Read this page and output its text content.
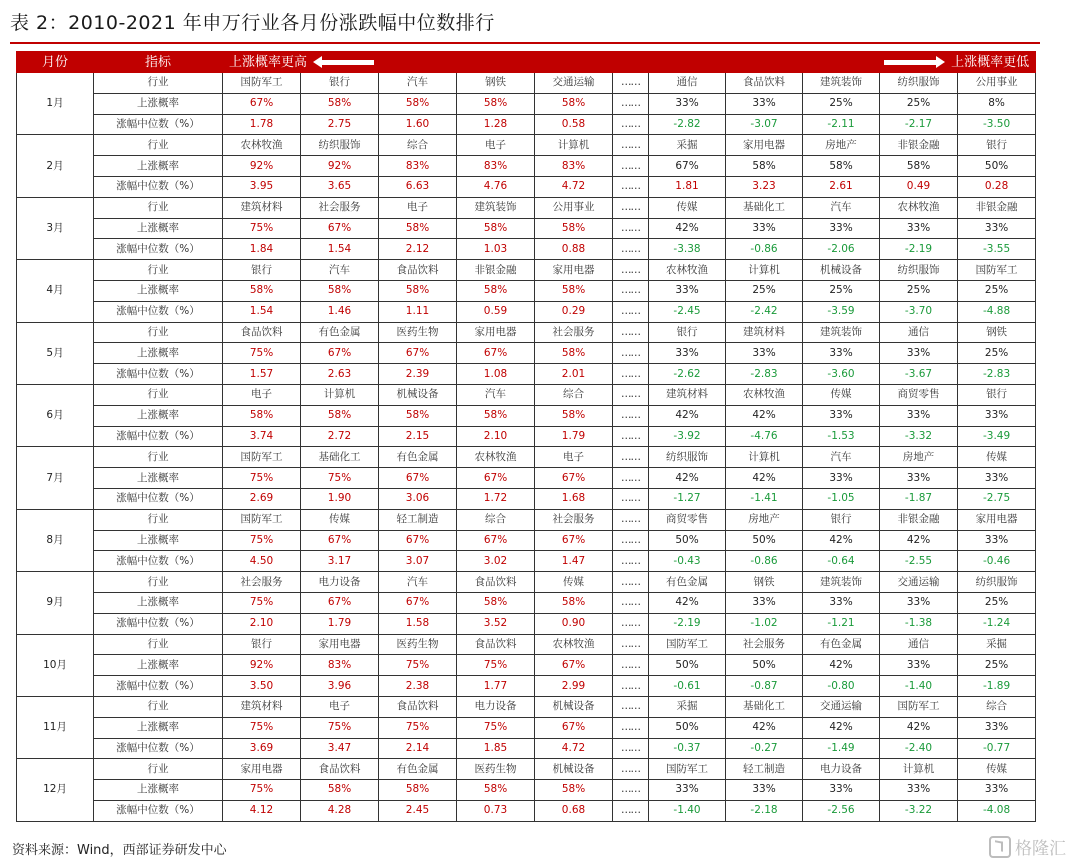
表 2：2010-2021 年申万行业各月份涨跌幅中位数排行
月份	指标	上涨概率更高 上涨概率更低										

1月	行业	国防军工	银行	汽车	钢铁	交通运输	……	通信	食品饮料	建筑装饰	纺织服饰	公用事业
	上涨概率	67%	58%	58%	58%	58%	……	33%	33%	25%	25%	8%
	涨幅中位数（%）	1.78	2.75	1.60	1.28	0.58	……	-2.82	-3.07	-2.11	-2.17	-3.50
2月	行业	农林牧渔	纺织服饰	综合	电子	计算机	……	采掘	家用电器	房地产	非银金融	银行
	上涨概率	92%	92%	83%	83%	83%	……	67%	58%	58%	58%	50%
	涨幅中位数（%）	3.95	3.65	6.63	4.76	4.72	……	1.81	3.23	2.61	0.49	0.28
3月	行业	建筑材料	社会服务	电子	建筑装饰	公用事业	……	传媒	基础化工	汽车	农林牧渔	非银金融
	上涨概率	75%	67%	58%	58%	58%	……	42%	33%	33%	33%	33%
	涨幅中位数（%）	1.84	1.54	2.12	1.03	0.88	……	-3.38	-0.86	-2.06	-2.19	-3.55
4月	行业	银行	汽车	食品饮料	非银金融	家用电器	……	农林牧渔	计算机	机械设备	纺织服饰	国防军工
	上涨概率	58%	58%	58%	58%	58%	……	33%	25%	25%	25%	25%
	涨幅中位数（%）	1.54	1.46	1.11	0.59	0.29	……	-2.45	-2.42	-3.59	-3.70	-4.88
5月	行业	食品饮料	有色金属	医药生物	家用电器	社会服务	……	银行	建筑材料	建筑装饰	通信	钢铁
	上涨概率	75%	67%	67%	67%	58%	……	33%	33%	33%	33%	25%
	涨幅中位数（%）	1.57	2.63	2.39	1.08	2.01	……	-2.62	-2.83	-3.60	-3.67	-2.83
6月	行业	电子	计算机	机械设备	汽车	综合	……	建筑材料	农林牧渔	传媒	商贸零售	银行
	上涨概率	58%	58%	58%	58%	58%	……	42%	42%	33%	33%	33%
	涨幅中位数（%）	3.74	2.72	2.15	2.10	1.79	……	-3.92	-4.76	-1.53	-3.32	-3.49
7月	行业	国防军工	基础化工	有色金属	农林牧渔	电子	……	纺织服饰	计算机	汽车	房地产	传媒
	上涨概率	75%	75%	67%	67%	67%	……	42%	42%	33%	33%	33%
	涨幅中位数（%）	2.69	1.90	3.06	1.72	1.68	……	-1.27	-1.41	-1.05	-1.87	-2.75
8月	行业	国防军工	传媒	轻工制造	综合	社会服务	……	商贸零售	房地产	银行	非银金融	家用电器
	上涨概率	75%	67%	67%	67%	67%	……	50%	50%	42%	42%	33%
	涨幅中位数（%）	4.50	3.17	3.07	3.02	1.47	……	-0.43	-0.86	-0.64	-2.55	-0.46
9月	行业	社会服务	电力设备	汽车	食品饮料	传媒	……	有色金属	钢铁	建筑装饰	交通运输	纺织服饰
	上涨概率	75%	67%	67%	58%	58%	……	42%	33%	33%	33%	25%
	涨幅中位数（%）	2.10	1.79	1.58	3.52	0.90	……	-2.19	-1.02	-1.21	-1.38	-1.24
10月	行业	银行	家用电器	医药生物	食品饮料	农林牧渔	……	国防军工	社会服务	有色金属	通信	采掘
	上涨概率	92%	83%	75%	75%	67%	……	50%	50%	42%	33%	25%
	涨幅中位数（%）	3.50	3.96	2.38	1.77	2.99	……	-0.61	-0.87	-0.80	-1.40	-1.89
11月	行业	建筑材料	电子	食品饮料	电力设备	机械设备	……	采掘	基础化工	交通运输	国防军工	综合
	上涨概率	75%	75%	75%	75%	67%	……	50%	42%	42%	42%	33%
	涨幅中位数（%）	3.69	3.47	2.14	1.85	4.72	……	-0.37	-0.27	-1.49	-2.40	-0.77
12月	行业	家用电器	食品饮料	有色金属	医药生物	机械设备	……	国防军工	轻工制造	电力设备	计算机	传媒
	上涨概率	75%	58%	58%	58%	58%	……	33%	33%	33%	33%	33%
	涨幅中位数（%）	4.12	4.28	2.45	0.73	0.68	……	-1.40	-2.18	-2.56	-3.22	-4.08
资料来源：Wind，西部证券研发中心	格隆汇
